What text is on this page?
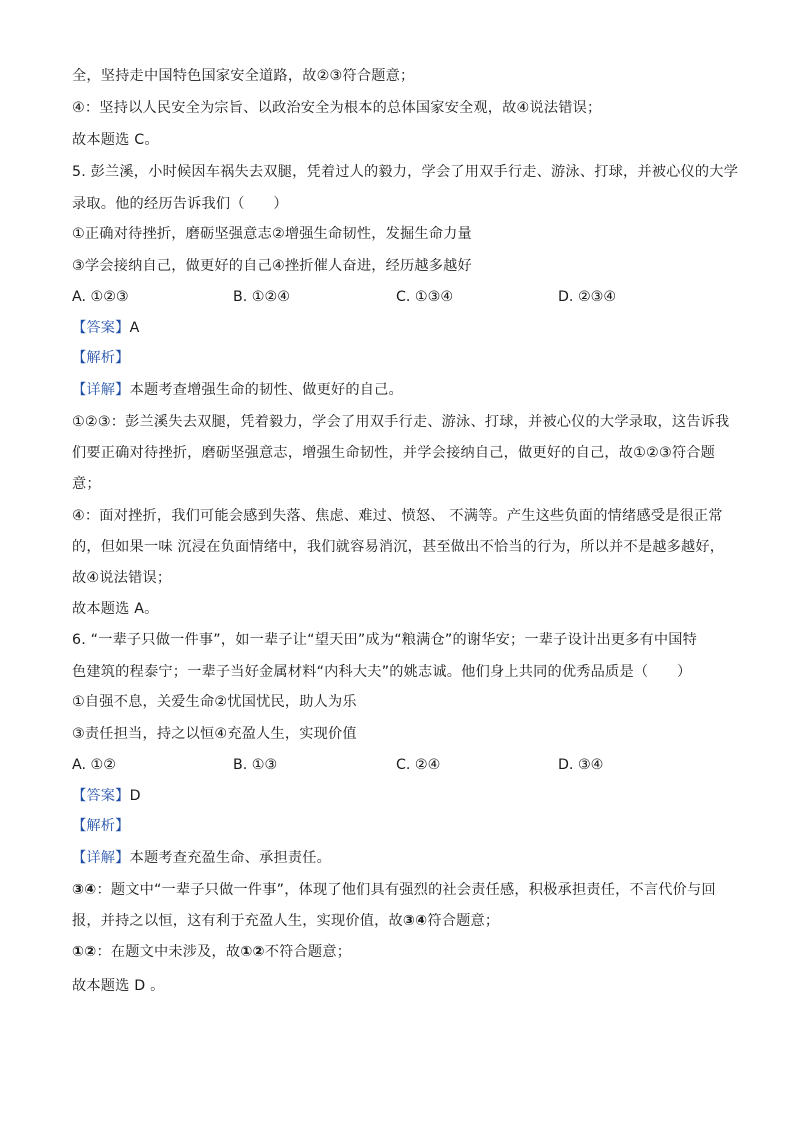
全，坚持走中国特色国家安全道路，故②③符合题意；
④：坚持以人民安全为宗旨、以政治安全为根本的总体国家安全观，故④说法错误；
故本题选 C。
5. 彭兰溪，小时候因车祸失去双腿，凭着过人的毅力，学会了用双手行走、游泳、打球，并被心仪的大学
录取。他的经历告诉我们（　　）
①正确对待挫折，磨砺坚强意志②增强生命韧性，发掘生命力量
③学会接纳自己，做更好的自己④挫折催人奋进，经历越多越好
A. ①②③	B. ①②④	C. ①③④	D. ②③④
【答案】A
【解析】
【详解】本题考查增强生命的韧性、做更好的自己。
①②③：彭兰溪失去双腿，凭着毅力，学会了用双手行走、游泳、打球，并被心仪的大学录取，这告诉我
们要正确对待挫折，磨砺坚强意志，增强生命韧性，并学会接纳自己，做更好的自己，故①②③符合题
意；
④：面对挫折，我们可能会感到失落、焦虑、难过、愤怒、 不满等。产生这些负面的情绪感受是很正常
的，但如果一味 沉浸在负面情绪中，我们就容易消沉，甚至做出不恰当的行为，所以并不是越多越好，
故④说法错误；
故本题选 A。
6. “一辈子只做一件事”，如一辈子让“望天田”成为“粮满仓”的谢华安；一辈子设计出更多有中国特
色建筑的程泰宁；一辈子当好金属材料“内科大夫”的姚志诚。他们身上共同的优秀品质是（　　）
①自强不息，关爱生命②忧国忧民，助人为乐
③责任担当，持之以恒④充盈人生，实现价值
A. ①②	B. ①③	C. ②④	D. ③④
【答案】D
【解析】
【详解】本题考查充盈生命、承担责任。
③④：题文中“一辈子只做一件事”，体现了他们具有强烈的社会责任感，积极承担责任，不言代价与回
报，并持之以恒，这有利于充盈人生，实现价值，故③④符合题意；
①②：在题文中未涉及，故①②不符合题意；
故本题选 D 。
